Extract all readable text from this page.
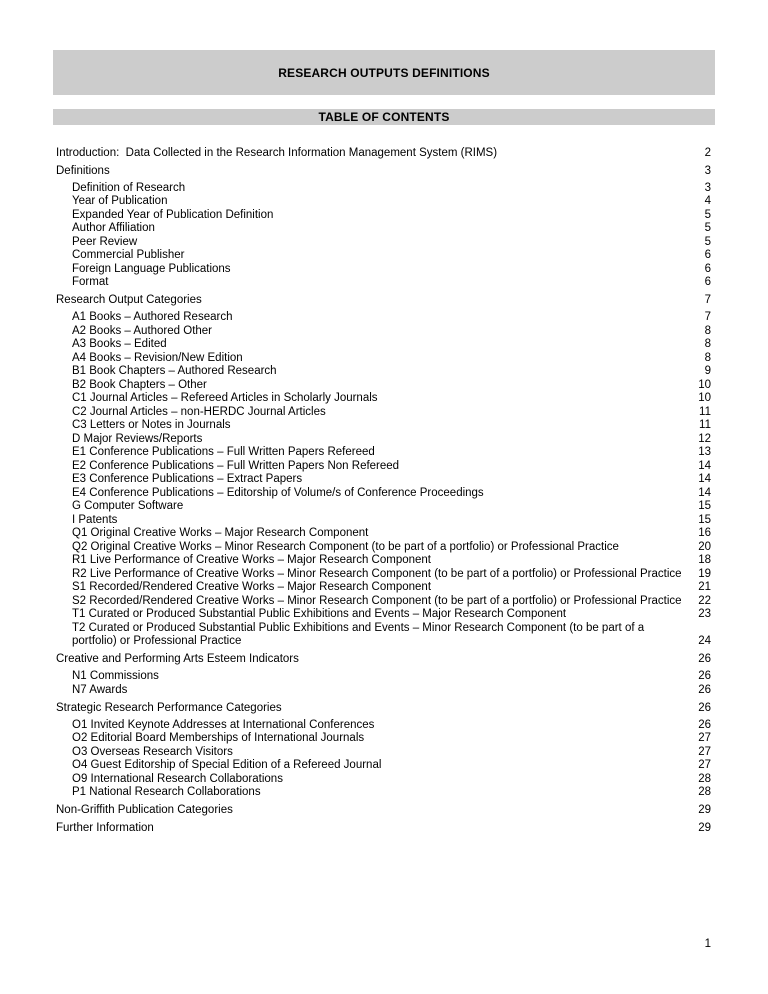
RESEARCH OUTPUTS DEFINITIONS
TABLE OF CONTENTS
Introduction:  Data Collected in the Research Information Management System (RIMS)	2
Definitions	3
Definition of Research	3
Year of Publication	4
Expanded Year of Publication Definition	5
Author Affiliation	5
Peer Review	5
Commercial Publisher	6
Foreign Language Publications	6
Format	6
Research Output Categories	7
A1 Books – Authored Research	7
A2 Books – Authored Other	8
A3 Books – Edited	8
A4 Books – Revision/New Edition	8
B1 Book Chapters – Authored Research	9
B2 Book Chapters – Other	10
C1 Journal Articles – Refereed Articles in Scholarly Journals	10
C2 Journal Articles – non-HERDC Journal Articles	11
C3 Letters or Notes in Journals	11
D Major Reviews/Reports	12
E1 Conference Publications – Full Written Papers Refereed	13
E2 Conference Publications – Full Written Papers Non Refereed	14
E3 Conference Publications – Extract Papers	14
E4 Conference Publications – Editorship of Volume/s of Conference Proceedings	14
G Computer Software	15
I Patents	15
Q1 Original Creative Works – Major Research Component	16
Q2 Original Creative Works – Minor Research Component (to be part of a portfolio) or Professional Practice	20
R1 Live Performance of Creative Works – Major Research Component	18
R2 Live Performance of Creative Works – Minor Research Component (to be part of a portfolio) or Professional Practice	19
S1 Recorded/Rendered Creative Works – Major Research Component	21
S2 Recorded/Rendered Creative Works – Minor Research Component (to be part of a portfolio) or Professional Practice	22
T1 Curated or Produced Substantial Public Exhibitions and Events – Major Research Component	23
T2 Curated or Produced Substantial Public Exhibitions and Events – Minor Research Component (to be part of a portfolio) or Professional Practice	24
Creative and Performing Arts Esteem Indicators	26
N1 Commissions	26
N7 Awards	26
Strategic Research Performance Categories	26
O1 Invited Keynote Addresses at International Conferences	26
O2 Editorial Board Memberships of International Journals	27
O3 Overseas Research Visitors	27
O4 Guest Editorship of Special Edition of a Refereed Journal	27
O9 International Research Collaborations	28
P1 National Research Collaborations	28
Non-Griffith Publication Categories	29
Further Information	29
1
